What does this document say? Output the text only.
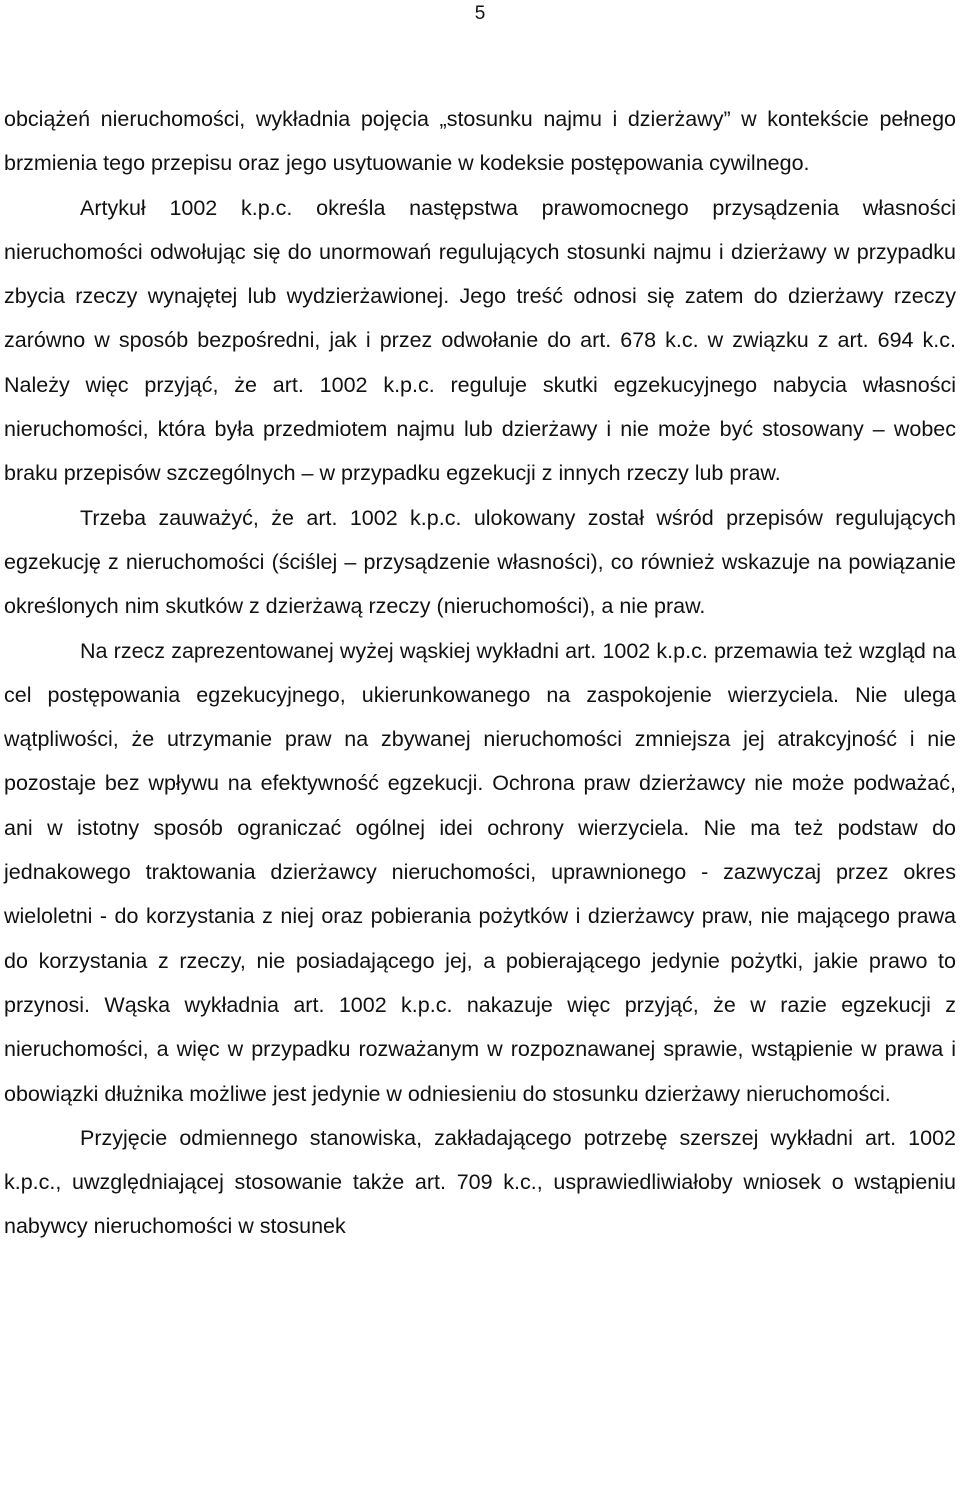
5

obciążeń nieruchomości, wykładnia pojęcia „stosunku najmu i dzierżawy” w kontekście pełnego brzmienia tego przepisu oraz jego usytuowanie w kodeksie postępowania cywilnego.

Artykuł 1002 k.p.c. określa następstwa prawomocnego przysądzenia własności nieruchomości odwołując się do unormowań regulujących stosunki najmu i dzierżawy w przypadku zbycia rzeczy wynajętej lub wydzierżawionej. Jego treść odnosi się zatem do dzierżawy rzeczy zarówno w sposób bezpośredni, jak i przez odwołanie do art. 678 k.c. w związku z art. 694 k.c. Należy więc przyjąć, że art. 1002 k.p.c. reguluje skutki egzekucyjnego nabycia własności nieruchomości, która była przedmiotem najmu lub dzierżawy i nie może być stosowany – wobec braku przepisów szczególnych – w przypadku egzekucji z innych rzeczy lub praw.

Trzeba zauważyć, że art. 1002 k.p.c. ulokowany został wśród przepisów regulujących egzekucję z nieruchomości (ściślej – przysądzenie własności), co również wskazuje na powiązanie określonych nim skutków z dzierżawą rzeczy (nieruchomości), a nie praw.

Na rzecz zaprezentowanej wyżej wąskiej wykładni art. 1002 k.p.c. przemawia też wzgląd na cel postępowania egzekucyjnego, ukierunkowanego na zaspokojenie wierzyciela. Nie ulega wątpliwości, że utrzymanie praw na zbywanej nieruchomości zmniejsza jej atrakcyjność i nie pozostaje bez wpływu na efektywność egzekucji. Ochrona praw dzierżawcy nie może podważać, ani w istotny sposób ograniczać ogólnej idei ochrony wierzyciela. Nie ma też podstaw do jednakowego traktowania dzierżawcy nieruchomości, uprawnionego - zazwyczaj przez okres wieloletni - do korzystania z niej oraz pobierania pożytków i dzierżawcy praw, nie mającego prawa do korzystania z rzeczy, nie posiadającego jej, a pobierającego jedynie pożytki, jakie prawo to przynosi. Wąska wykładnia art. 1002 k.p.c. nakazuje więc przyjąć, że w razie egzekucji z nieruchomości, a więc w przypadku rozważanym w rozpoznawanej sprawie, wstąpienie w prawa i obowiązki dłużnika możliwe jest jedynie w odniesieniu do stosunku dzierżawy nieruchomości.

Przyjęcie odmiennego stanowiska, zakładającego potrzebę szerszej wykładni art. 1002 k.p.c., uwzględniającej stosowanie także art. 709 k.c., usprawiedliwiałoby wniosek o wstąpieniu nabywcy nieruchomości w stosunek
